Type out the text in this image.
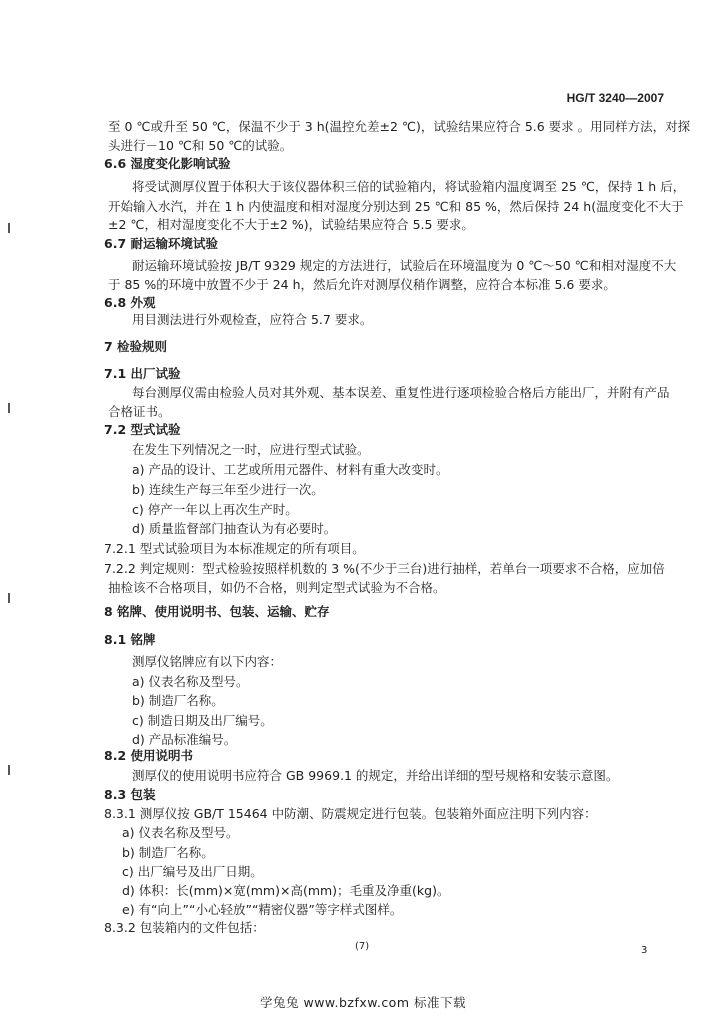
HG/T 3240—2007
至 0 ℃或升至 50 ℃，保温不少于 3 h(温控允差±2 ℃)，试验结果应符合 5.6 要求 。用同样方法，对探
头进行－10 ℃和 50 ℃的试验。
6.6 湿度变化影响试验
将受试测厚仪置于体积大于该仪器体积三倍的试验箱内，将试验箱内温度调至 25 ℃，保持 1 h 后，
开始输入水汽，并在 1 h 内使温度和相对湿度分别达到 25 ℃和 85 %，然后保持 24 h(温度变化不大于
±2 ℃，相对湿度变化不大于±2 %)，试验结果应符合 5.5 要求。
6.7 耐运输环境试验
耐运输环境试验按 JB/T 9329 规定的方法进行，试验后在环境温度为 0 ℃～50 ℃和相对湿度不大
于 85 %的环境中放置不少于 24 h，然后允许对测厚仪稍作调整，应符合本标准 5.6 要求。
6.8 外观
用目测法进行外观检查，应符合 5.7 要求。
7 检验规则
7.1 出厂试验
每台测厚仪需由检验人员对其外观、基本误差、重复性进行逐项检验合格后方能出厂，并附有产品
合格证书。
7.2 型式试验
在发生下列情况之一时，应进行型式试验。
a) 产品的设计、工艺或所用元器件、材料有重大改变时。
b) 连续生产每三年至少进行一次。
c) 停产一年以上再次生产时。
d) 质量监督部门抽查认为有必要时。
7.2.1 型式试验项目为本标准规定的所有项目。
7.2.2 判定规则：型式检验按照样机数的 3 %(不少于三台)进行抽样，若单台一项要求不合格，应加倍
抽检该不合格项目，如仍不合格，则判定型式试验为不合格。
8 铭牌、使用说明书、包装、运输、贮存
8.1 铭牌
测厚仪铭牌应有以下内容：
a) 仪表名称及型号。
b) 制造厂名称。
c) 制造日期及出厂编号。
d) 产品标准编号。
8.2 使用说明书
测厚仪的使用说明书应符合 GB 9969.1 的规定，并给出详细的型号规格和安装示意图。
8.3 包装
8.3.1 测厚仪按 GB/T 15464 中防潮、防震规定进行包装。包装箱外面应注明下列内容：
a) 仪表名称及型号。
b) 制造厂名称。
c) 出厂编号及出厂日期。
d) 体积：长(mm)×宽(mm)×高(mm)；毛重及净重(kg)。
e) 有“向上”“小心轻放”“精密仪器”等字样式图样。
8.3.2 包装箱内的文件包括：
(7)	3
学兔兔 www.bzfxw.com 标准下载
